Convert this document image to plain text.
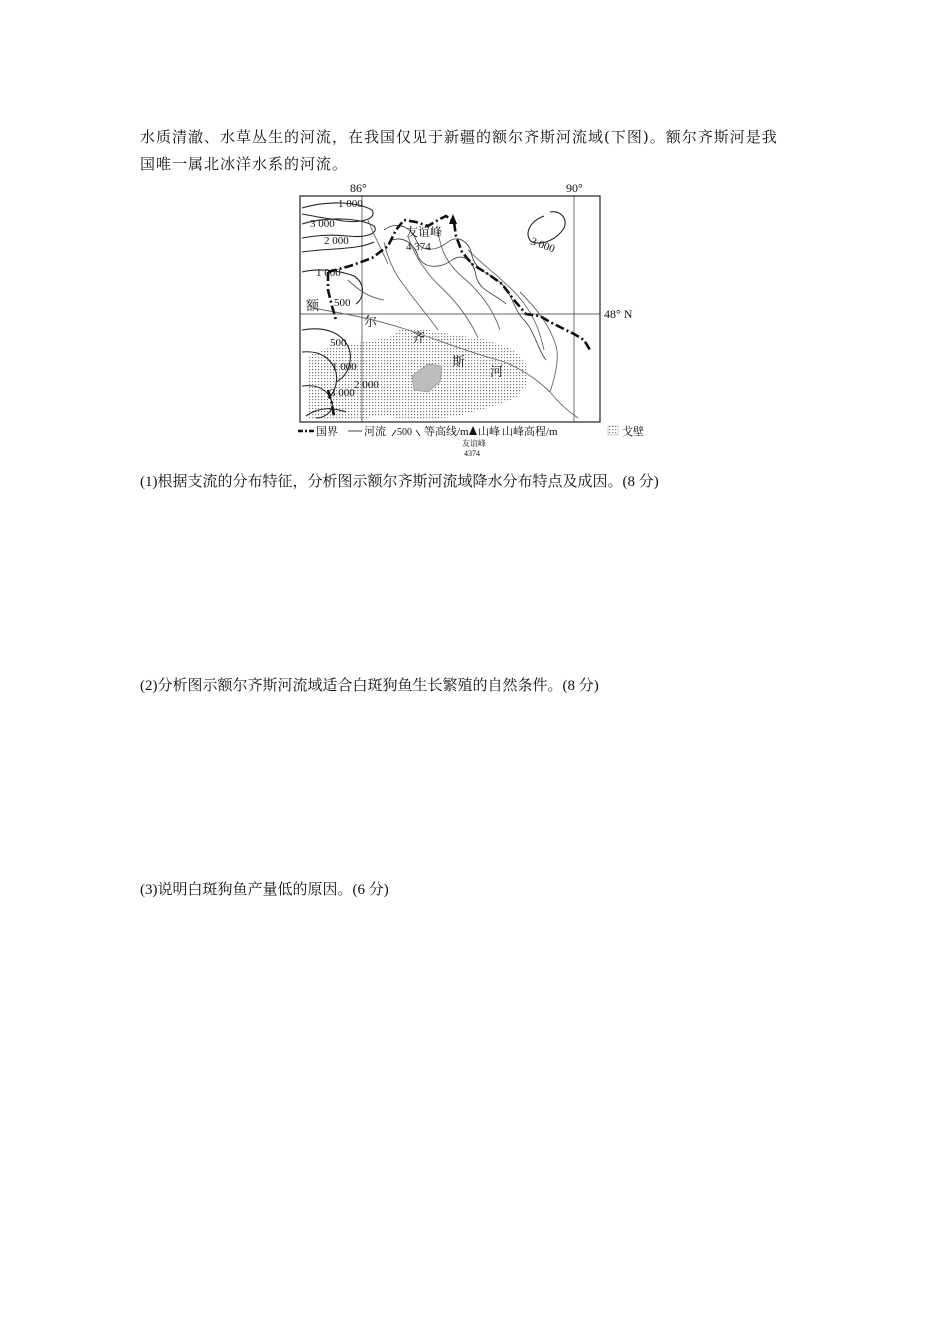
水质清澈、水草丛生的河流，在我国仅见于新疆的额尔齐斯河流域(下图)。额尔齐斯河是我

国唯一属北冰洋水系的河流。

86°	90°
48° N
友谊峰
4 374
1 000
3 000
2 000
1 000
500
500
1 000
2 000
3 000
3 000
额
尔
齐
斯
河
国界 河流 500 等高线/m 山峰
友谊峰
4374
山峰高程/m	戈壁
(1)根据支流的分布特征，分析图示额尔齐斯河流域降水分布特点及成因。(8 分)
(2)分析图示额尔齐斯河流域适合白斑狗鱼生长繁殖的自然条件。(8 分)
(3)说明白斑狗鱼产量低的原因。(6 分)
